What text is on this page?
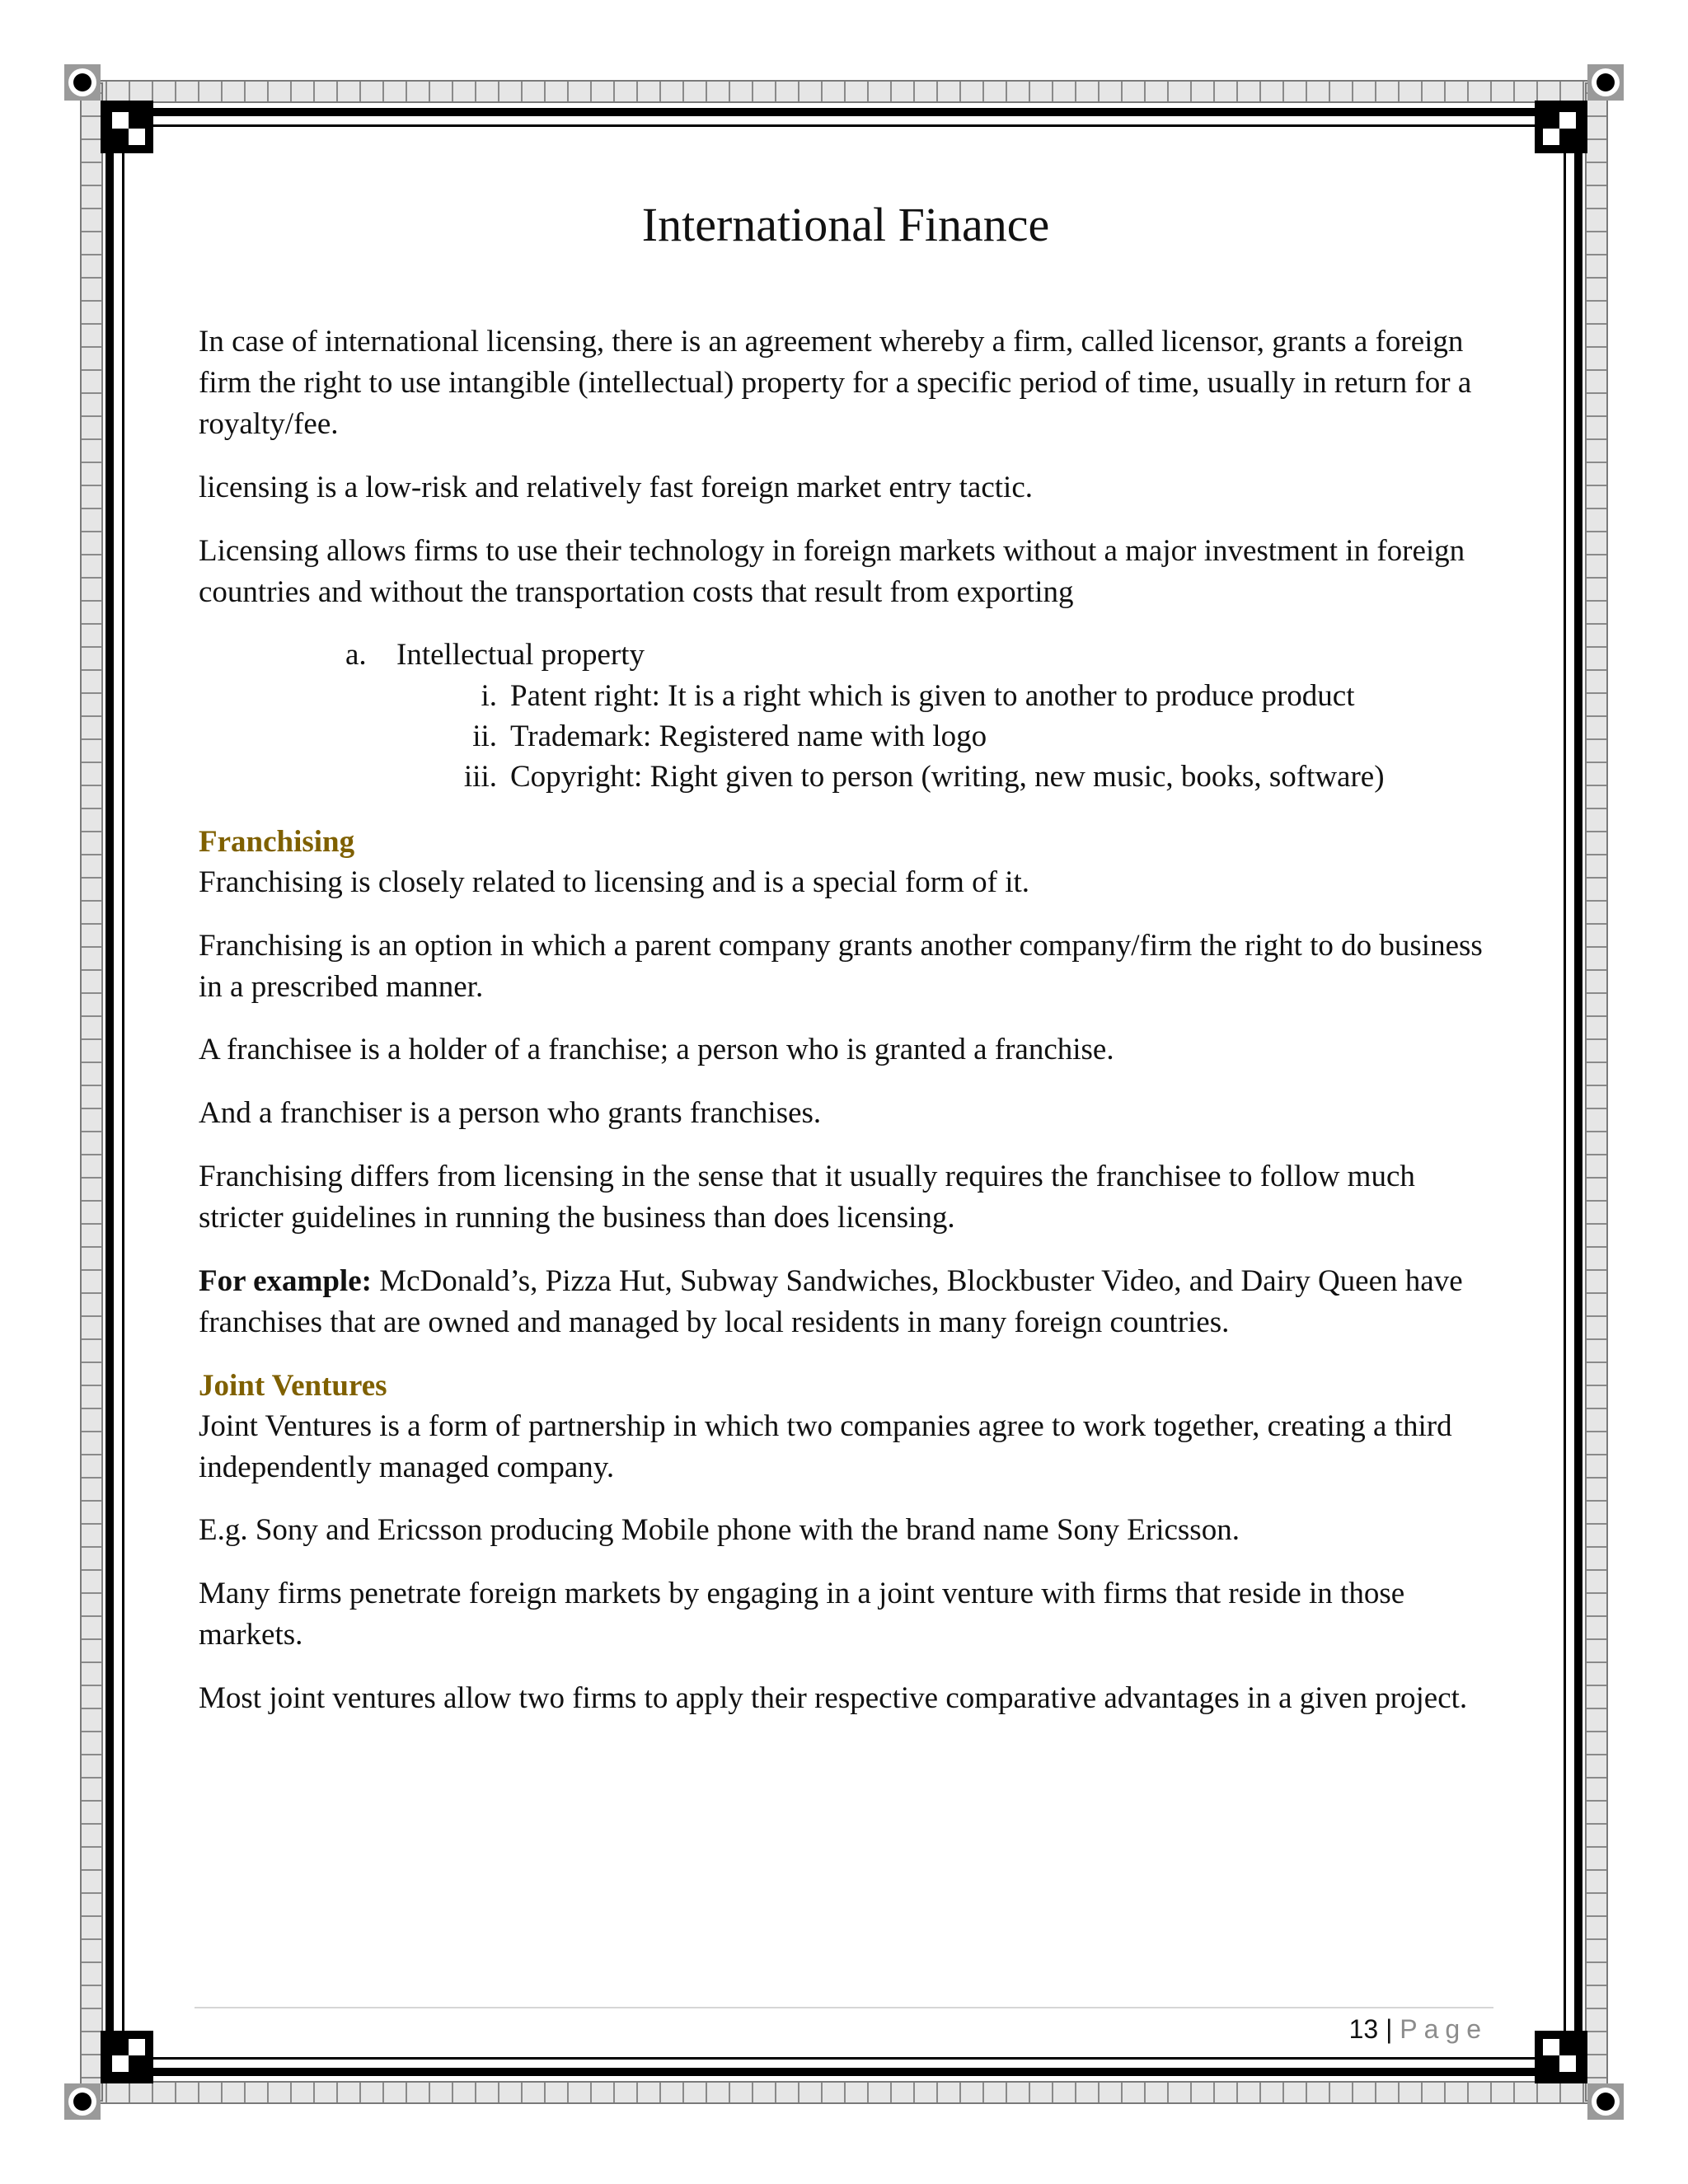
International Finance

In case of international licensing, there is an agreement whereby a firm, called licensor, grants a foreign firm the right to use intangible (intellectual) property for a specific period of time, usually in return for a royalty/fee.

licensing is a low-risk and relatively fast foreign market entry tactic.

Licensing allows firms to use their technology in foreign markets without a major investment in foreign countries and without the transportation costs that result from exporting

a. Intellectual property
i. Patent right: It is a right which is given to another to produce product
ii. Trademark: Registered name with logo
iii. Copyright: Right given to person (writing, new music, books, software)
Franchising

Franchising is closely related to licensing and is a special form of it.

Franchising is an option in which a parent company grants another company/firm the right to do business in a prescribed manner.

A franchisee is a holder of a franchise; a person who is granted a franchise.

And a franchiser is a person who grants franchises.

Franchising differs from licensing in the sense that it usually requires the franchisee to follow much stricter guidelines in running the business than does licensing.

For example: McDonald’s, Pizza Hut, Subway Sandwiches, Blockbuster Video, and Dairy Queen have franchises that are owned and managed by local residents in many foreign countries.

Joint Ventures

Joint Ventures is a form of partnership in which two companies agree to work together, creating a third independently managed company.

E.g. Sony and Ericsson producing Mobile phone with the brand name Sony Ericsson.

Many firms penetrate foreign markets by engaging in a joint venture with firms that reside in those markets.

Most joint ventures allow two firms to apply their respective comparative advantages in a given project.

13 | Page
